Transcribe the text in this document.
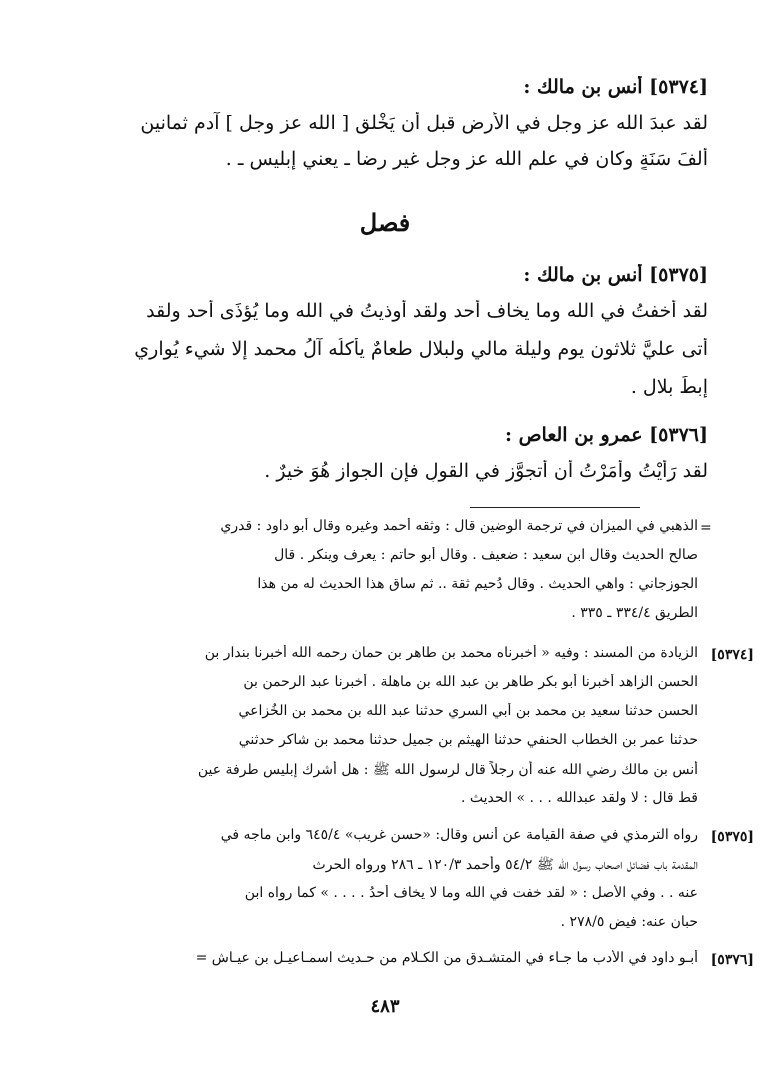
[٥٣٧٤] أنس بن مالك :
لقد عبدَ الله عز وجل في الأرض قبل أن يَخْلق [ الله عز وجل ] آدم ثمانين
أَلفَ سَنَةٍ وكان في علم الله عز وجل غير رضا ـ يعني إبليس ـ .
فصل
[٥٣٧٥] أنس بن مالك :
لقد أُخفتُ في الله وما يخاف أحد ولقد أُوذيتُ في الله وما يُؤذَى أحد ولقد
أتى عليَّ ثلاثون يوم وليلة مالي ولبلال طعامٌ يأكلُه آلُ محمد إلا شيء يُواري
إبطَ بلال .
[٥٣٧٦] عمرو بن العاص :
لقد رَأَيْتُ وأَمَرْتُ أن أتجوَّز في القولِ فإن الجواز هُوَ خيرٌ .
=
الذهبي في الميزان في ترجمة الوضين قال : وثقه أحمد وغيره وقال أبو داود : قدري
صالح الحديث وقال ابن سعيد : ضعيف . وقال أبو حاتم : يعرف وينكر . قال
الجوزجاني : واهي الحديث . وقال دُحيم ثقة .. ثم ساق هذا الحديث له من هذا
الطريق ٣٣٤/٤ ـ ٣٣٥ .
[٥٣٧٤]
الزيادة من المسند : وفيه « أخبرناه محمد بن طاهر بن حمان رحمه الله أخبرنا بندار بن
الحسن الزاهد أخبرنا أبو بكر طاهر بن عبد الله بن ماهلة . أخبرنا عبد الرحمن بن
الحسن حدثنا سعيد بن محمد بن أبي السري حدثنا عبد الله بن محمد بن الخُزاعي
حدثنا عمر بن الخطاب الحنفي حدثنا الهيثم بن جميل حدثنا محمد بن شاكر حدثني
أنس بن مالك رضي الله عنه أن رجلاً قال لرسول الله ﷺ : هل أشرك إبليس طرفة عين
قط قال : لا ولقد عبدالله . . . » الحديث .
[٥٣٧٥]
رواه الترمذي في صفة القيامة عن أنس وقال: «حسن غريب» ٦٤٥/٤ وابن ماجه في
المقدمة باب فضائل اصحاب رسول الله ﷺ ٥٤/٢ وأحمد ١٢٠/٣ ـ ٢٨٦ ورواه الحرث
عنه . . وفي الأصل : « لقد خفت في الله وما لا يخاف أحدُ . . . . » كما رواه ابن
حبان عنه: فيض ٢٧٨/٥ .
[٥٣٧٦]
أبـو داود في الأدب ما جـاء في المتشـدق من الكـلام من حـديث اسمـاعيـل بن عيـاش =
٤٨٣
